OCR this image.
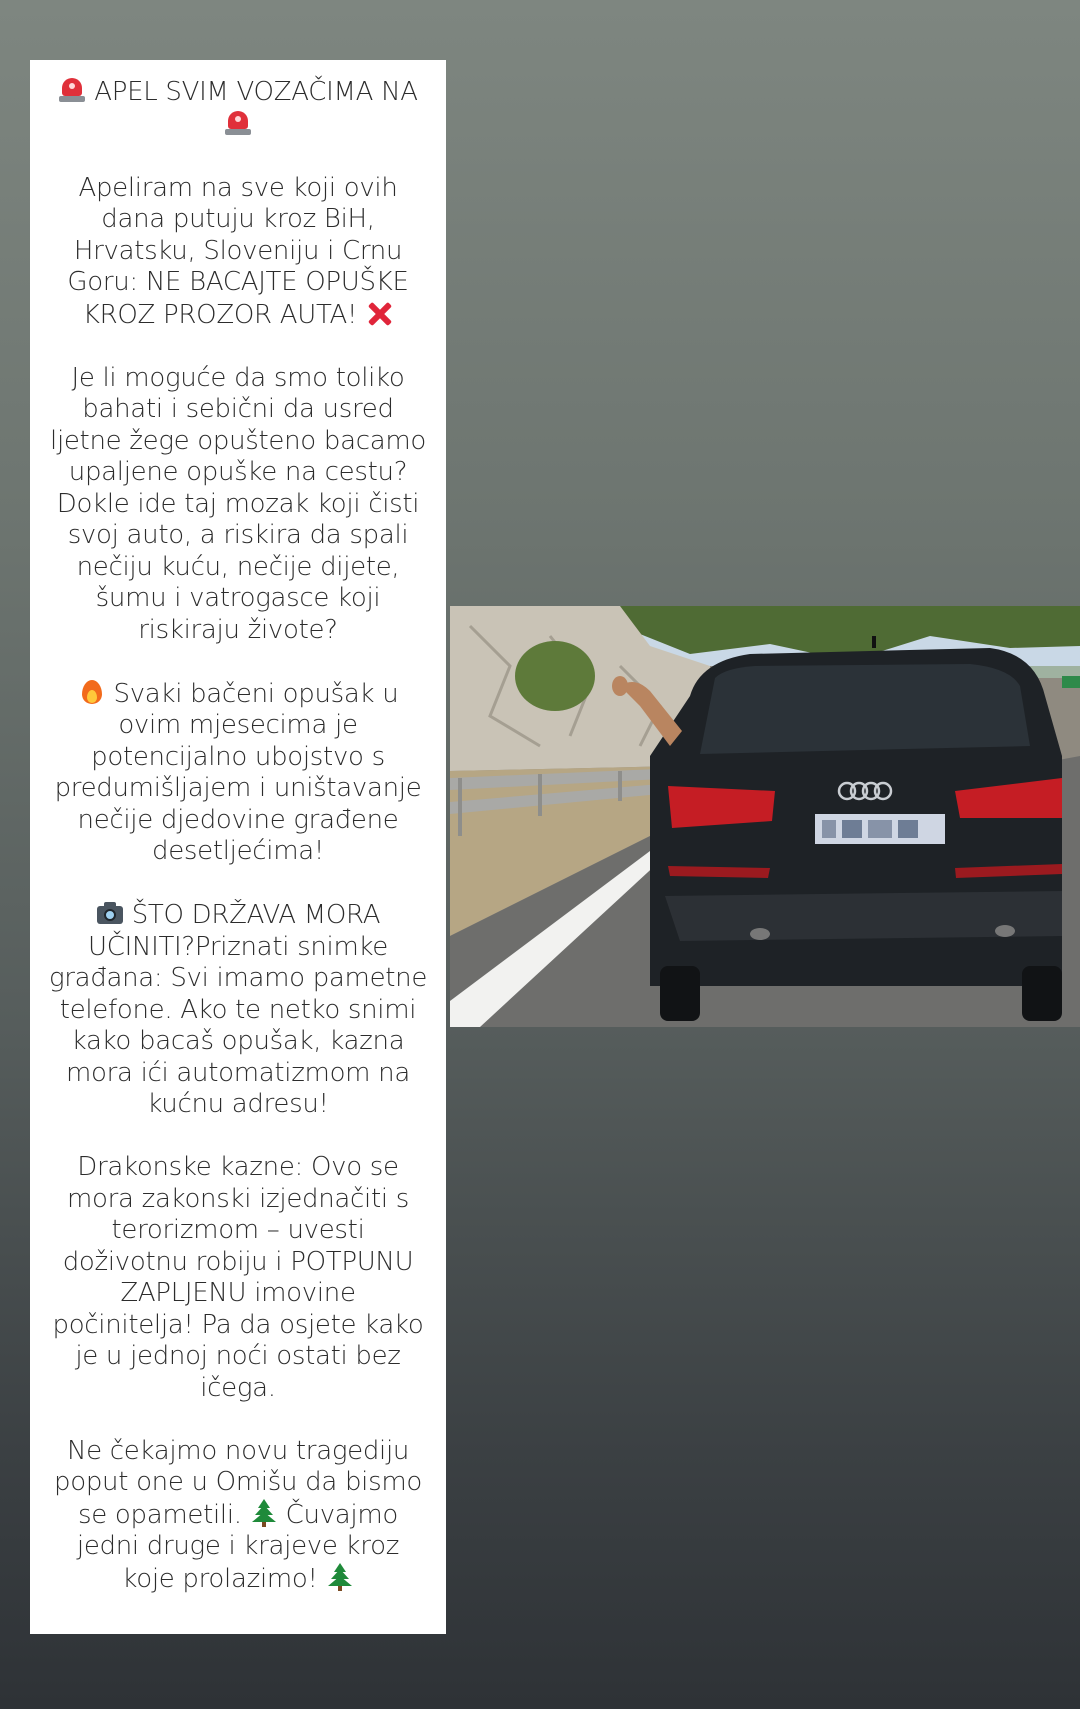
APEL SVIM VOZAČIMA NA

Apeliram na sve koji ovih dana putuju kroz BiH, Hrvatsku, Sloveniju i Crnu Goru: NE BACAJTE OPUŠKE KROZ PROZOR AUTA!

Je li moguće da smo toliko bahati i sebični da usred ljetne žege opušteno bacamo upaljene opuške na cestu? Dokle ide taj mozak koji čisti svoj auto, a riskira da spali nečiju kuću, nečije dijete, šumu i vatrogasce koji riskiraju živote?

Svaki bačeni opušak u ovim mjesecima je potencijalno ubojstvo s predumišljajem i uništavanje nečije djedovine građene desetljećima!

ŠTO DRŽAVA MORA UČINITI?Priznati snimke građana: Svi imamo pametne telefone. Ako te netko snimi kako bacaš opušak, kazna mora ići automatizmom na kućnu adresu!

Drakonske kazne: Ovo se mora zakonski izjednačiti s terorizmom – uvesti doživotnu robiju i POTPUNU ZAPLJENU imovine počinitelja! Pa da osjete kako je u jednoj noći ostati bez ičega.

Ne čekajmo novu tragediju poput one u Omišu da bismo se opametili. Čuvajmo jedni druge i krajeve kroz koje prolazimo!
